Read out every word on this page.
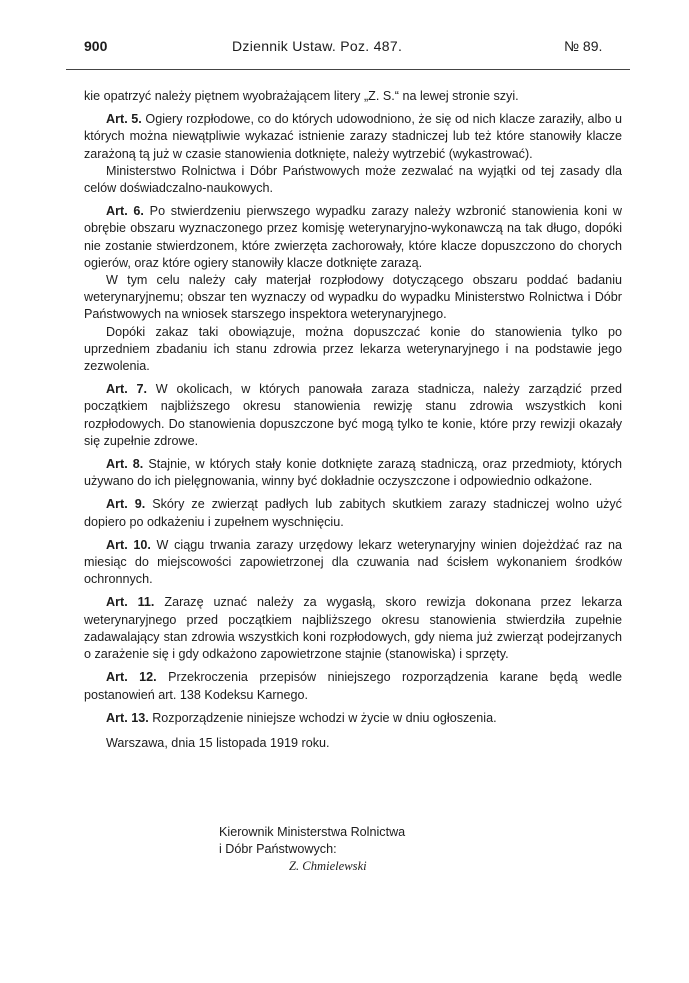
900	Dziennik Ustaw. Poz. 487.	№ 89.

kie opatrzyć należy piętnem wyobrażającem litery „Z. S.“ na lewej stronie szyi.

Art. 5. Ogiery rozpłodowe, co do których udowodniono, że się od nich klacze zaraziły, albo u których można niewątpliwie wykazać istnienie zarazy stadniczej lub też które stanowiły klacze zarażoną tą już w czasie stanowienia dotknięte, należy wytrzebić (wykastrować).

Ministerstwo Rolnictwa i Dóbr Państwowych może zezwalać na wyjątki od tej zasady dla celów doświadczalno-naukowych.

Art. 6. Po stwierdzeniu pierwszego wypadku zarazy należy wzbronić stanowienia koni w obrębie obszaru wyznaczonego przez komisję weterynaryjno-wykonawczą na tak długo, dopóki nie zostanie stwierdzonem, które zwierzęta zachorowały, które klacze dopuszczono do chorych ogierów, oraz które ogiery stanowiły klacze dotknięte zarazą.

W tym celu należy cały materjał rozpłodowy dotyczącego obszaru poddać badaniu weterynaryjnemu; obszar ten wyznaczy od wypadku do wypadku Ministerstwo Rolnictwa i Dóbr Państwowych na wniosek starszego inspektora weterynaryjnego.

Dopóki zakaz taki obowiązuje, można dopuszczać konie do stanowienia tylko po uprzedniem zbadaniu ich stanu zdrowia przez lekarza weterynaryjnego i na podstawie jego zezwolenia.

Art. 7. W okolicach, w których panowała zaraza stadnicza, należy zarządzić przed początkiem najbliższego okresu stanowienia rewizję stanu zdrowia wszystkich koni rozpłodowych. Do stanowienia dopuszczone być mogą tylko te konie, które przy rewizji okazały się zupełnie zdrowe.

Art. 8. Stajnie, w których stały konie dotknięte zarazą stadniczą, oraz przedmioty, których używano do ich pielęgnowania, winny być dokładnie oczyszczone i odpowiednio odkażone.

Art. 9. Skóry ze zwierząt padłych lub zabitych skutkiem zarazy stadniczej wolno użyć dopiero po odkażeniu i zupełnem wyschnięciu.

Art. 10. W ciągu trwania zarazy urzędowy lekarz weterynaryjny winien dojeżdżać raz na miesiąc do miejscowości zapowietrzonej dla czuwania nad ścisłem wykonaniem środków ochronnych.

Art. 11. Zarazę uznać należy za wygasłą, skoro rewizja dokonana przez lekarza weterynaryjnego przed początkiem najbliższego okresu stanowienia stwierdziła zupełnie zadawalający stan zdrowia wszystkich koni rozpłodowych, gdy niema już zwierząt podejrzanych o zarażenie się i gdy odkażono zapowietrzone stajnie (stanowiska) i sprzęty.

Art. 12. Przekroczenia przepisów niniejszego rozporządzenia karane będą wedle postanowień art. 138 Kodeksu Karnego.

Art. 13. Rozporządzenie niniejsze wchodzi w życie w dniu ogłoszenia.

Warszawa, dnia 15 listopada 1919 roku.

Kierownik Ministerstwa Rolnictwa
i Dóbr Państwowych:
Z. Chmielewski
